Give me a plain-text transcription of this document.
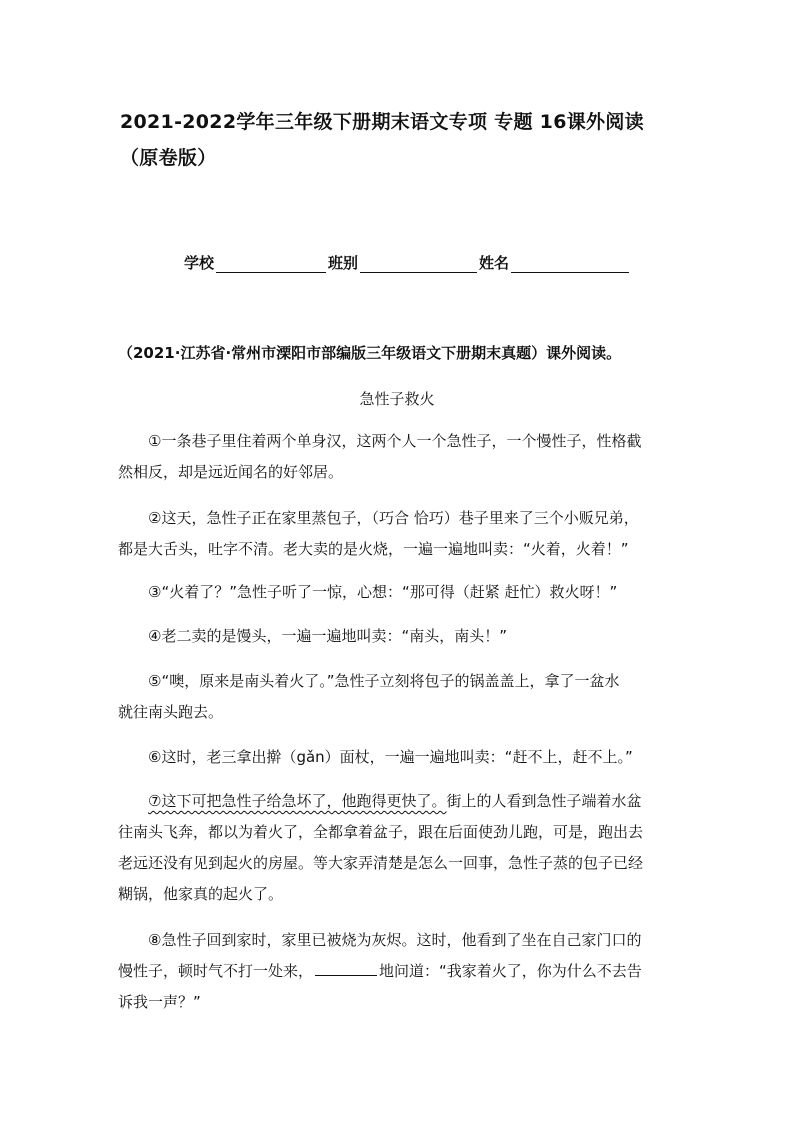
2021-2022学年三年级下册期末语文专项 专题 16课外阅读
（原卷版）
学校	班别	姓名

（2021·江苏省·常州市溧阳市部编版三年级语文下册期末真题）课外阅读。

急性子救火

①一条巷子里住着两个单身汉，这两个人一个急性子，一个慢性子，性格截
然相反，却是远近闻名的好邻居。

②这天，急性子正在家里蒸包子，（巧合 恰巧）巷子里来了三个小贩兄弟，
都是大舌头，吐字不清。老大卖的是火烧，一遍一遍地叫卖：“火着，火着！”

③“火着了？”急性子听了一惊，心想：“那可得（赶紧 赶忙）救火呀！”

④老二卖的是馒头，一遍一遍地叫卖：“南头，南头！”

⑤“噢，原来是南头着火了。”急性子立刻将包子的锅盖盖上，拿了一盆水
就往南头跑去。

⑥这时，老三拿出擀（gǎn）面杖，一遍一遍地叫卖：“赶不上，赶不上。”

⑦这下可把急性子给急坏了，他跑得更快了。街上的人看到急性子端着水盆
往南头飞奔，都以为着火了，全都拿着盆子，跟在后面使劲儿跑，可是，跑出去
老远还没有见到起火的房屋。等大家弄清楚是怎么一回事，急性子蒸的包子已经
糊锅，他家真的起火了。

⑧急性子回到家时，家里已被烧为灰烬。这时，他看到了坐在自己家门口的
慢性子，顿时气不打一处来，	地问道：“我家着火了，你为什么不去告
诉我一声？”
